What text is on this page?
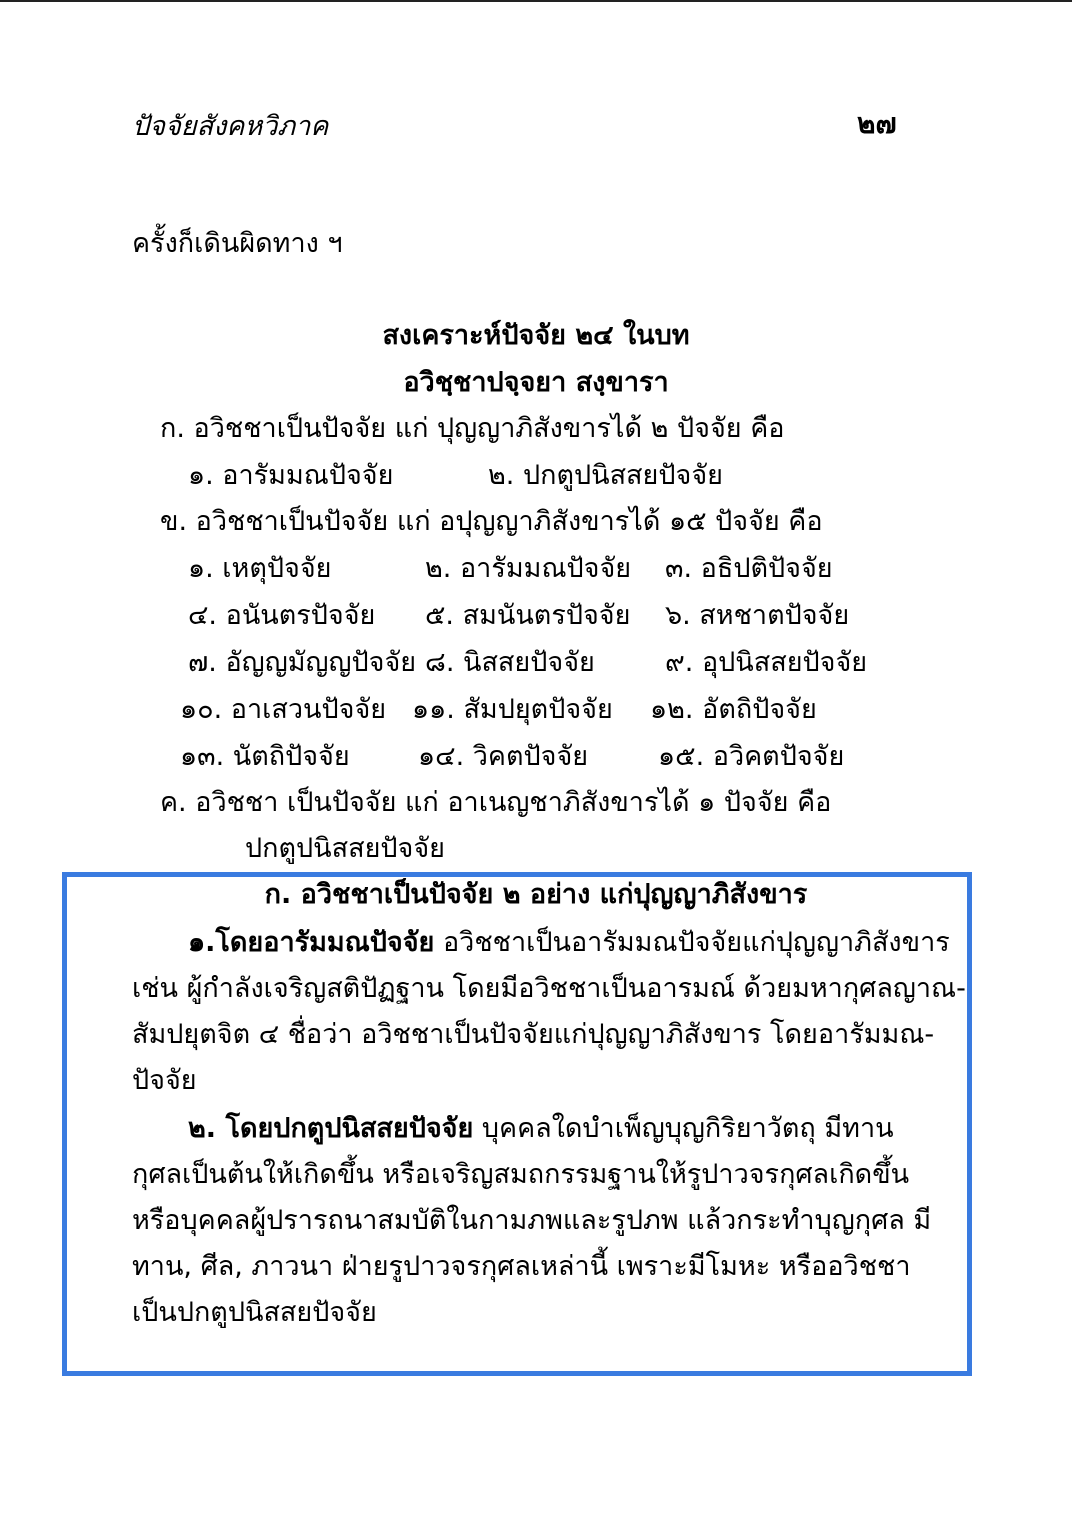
ปัจจัยสังคหวิภาค	๒๗
ครั้งก็เดินผิดทาง ฯ
สงเคราะห์ปัจจัย ๒๔ ในบท
อวิชฺชาปจฺจยา สงฺขารา
ก. อวิชชาเป็นปัจจัย แก่ ปุญญาภิสังขารได้ ๒ ปัจจัย คือ
๑. อารัมมณปัจจัย	๒. ปกตูปนิสสยปัจจัย
ข. อวิชชาเป็นปัจจัย แก่ อปุญญาภิสังขารได้ ๑๕ ปัจจัย คือ
๑. เหตุปัจจัย	๒. อารัมมณปัจจัย ๓. อธิปติปัจจัย
๔. อนันตรปัจจัย ๕. สมนันตรปัจจัย ๖. สหชาตปัจจัย
๗. อัญญมัญญปัจจัย ๘. นิสสยปัจจัย	๙. อุปนิสสยปัจจัย
๑๐. อาเสวนปัจจัย ๑๑. สัมปยุตปัจจัย ๑๒. อัตถิปัจจัย
๑๓. นัตถิปัจจัย	๑๔. วิคตปัจจัย	๑๕. อวิคตปัจจัย
ค. อวิชชา เป็นปัจจัย แก่ อาเนญชาภิสังขารได้ ๑ ปัจจัย คือ
ปกตูปนิสสยปัจจัย
ก. อวิชชาเป็นปัจจัย ๒ อย่าง แก่ปุญญาภิสังขาร
๑.โดยอารัมมณปัจจัย อวิชชาเป็นอารัมมณปัจจัยแก่ปุญญาภิสังขาร
เช่น ผู้กำลังเจริญสติปัฏฐาน โดยมีอวิชชาเป็นอารมณ์ ด้วยมหากุศลญาณ-
สัมปยุตจิต ๔ ชื่อว่า อวิชชาเป็นปัจจัยแก่ปุญญาภิสังขาร โดยอารัมมณ-
ปัจจัย
๒. โดยปกตูปนิสสยปัจจัย บุคคลใดบำเพ็ญบุญกิริยาวัตถุ มีทาน
กุศลเป็นต้นให้เกิดขึ้น หรือเจริญสมถกรรมฐานให้รูปาวจรกุศลเกิดขึ้น
หรือบุคคลผู้ปรารถนาสมบัติในกามภพและรูปภพ แล้วกระทำบุญกุศล มี
ทาน, ศีล, ภาวนา ฝ่ายรูปาวจรกุศลเหล่านี้ เพราะมีโมหะ หรืออวิชชา
เป็นปกตูปนิสสยปัจจัย
